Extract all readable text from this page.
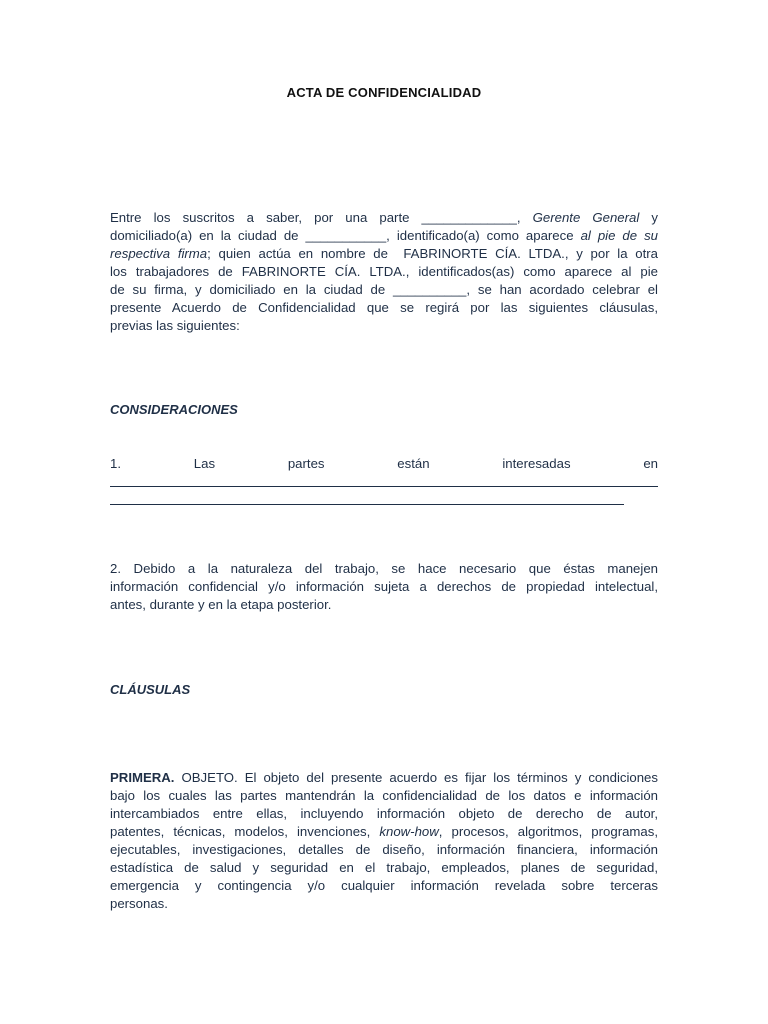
ACTA DE CONFIDENCIALIDAD
Entre los suscritos a saber, por una parte _____________, Gerente General y
domiciliado(a) en la ciudad de ___________, identificado(a) como aparece al pie de su
respectiva firma; quien actúa en nombre de  FABRINORTE CÍA. LTDA., y por la otra
los trabajadores de FABRINORTE CÍA. LTDA., identificados(as) como aparece al pie
de su firma, y domiciliado en la ciudad de __________, se han acordado celebrar el
presente Acuerdo de Confidencialidad que se regirá por las siguientes cláusulas,
previas las siguientes:
CONSIDERACIONES
1.        Las        partes        están        interesadas        en
2. Debido a la naturaleza del trabajo, se hace necesario que éstas manejen
información confidencial y/o información sujeta a derechos de propiedad intelectual,
antes, durante y en la etapa posterior.
CLÁUSULAS
PRIMERA. OBJETO. El objeto del presente acuerdo es fijar los términos y condiciones
bajo los cuales las partes mantendrán la confidencialidad de los datos e información
intercambiados entre ellas, incluyendo información objeto de derecho de autor,
patentes, técnicas, modelos, invenciones, know-how, procesos, algoritmos, programas,
ejecutables, investigaciones, detalles de diseño, información financiera, información
estadística de salud y seguridad en el trabajo, empleados, planes de seguridad,
emergencia y contingencia y/o cualquier información revelada sobre terceras
personas.
